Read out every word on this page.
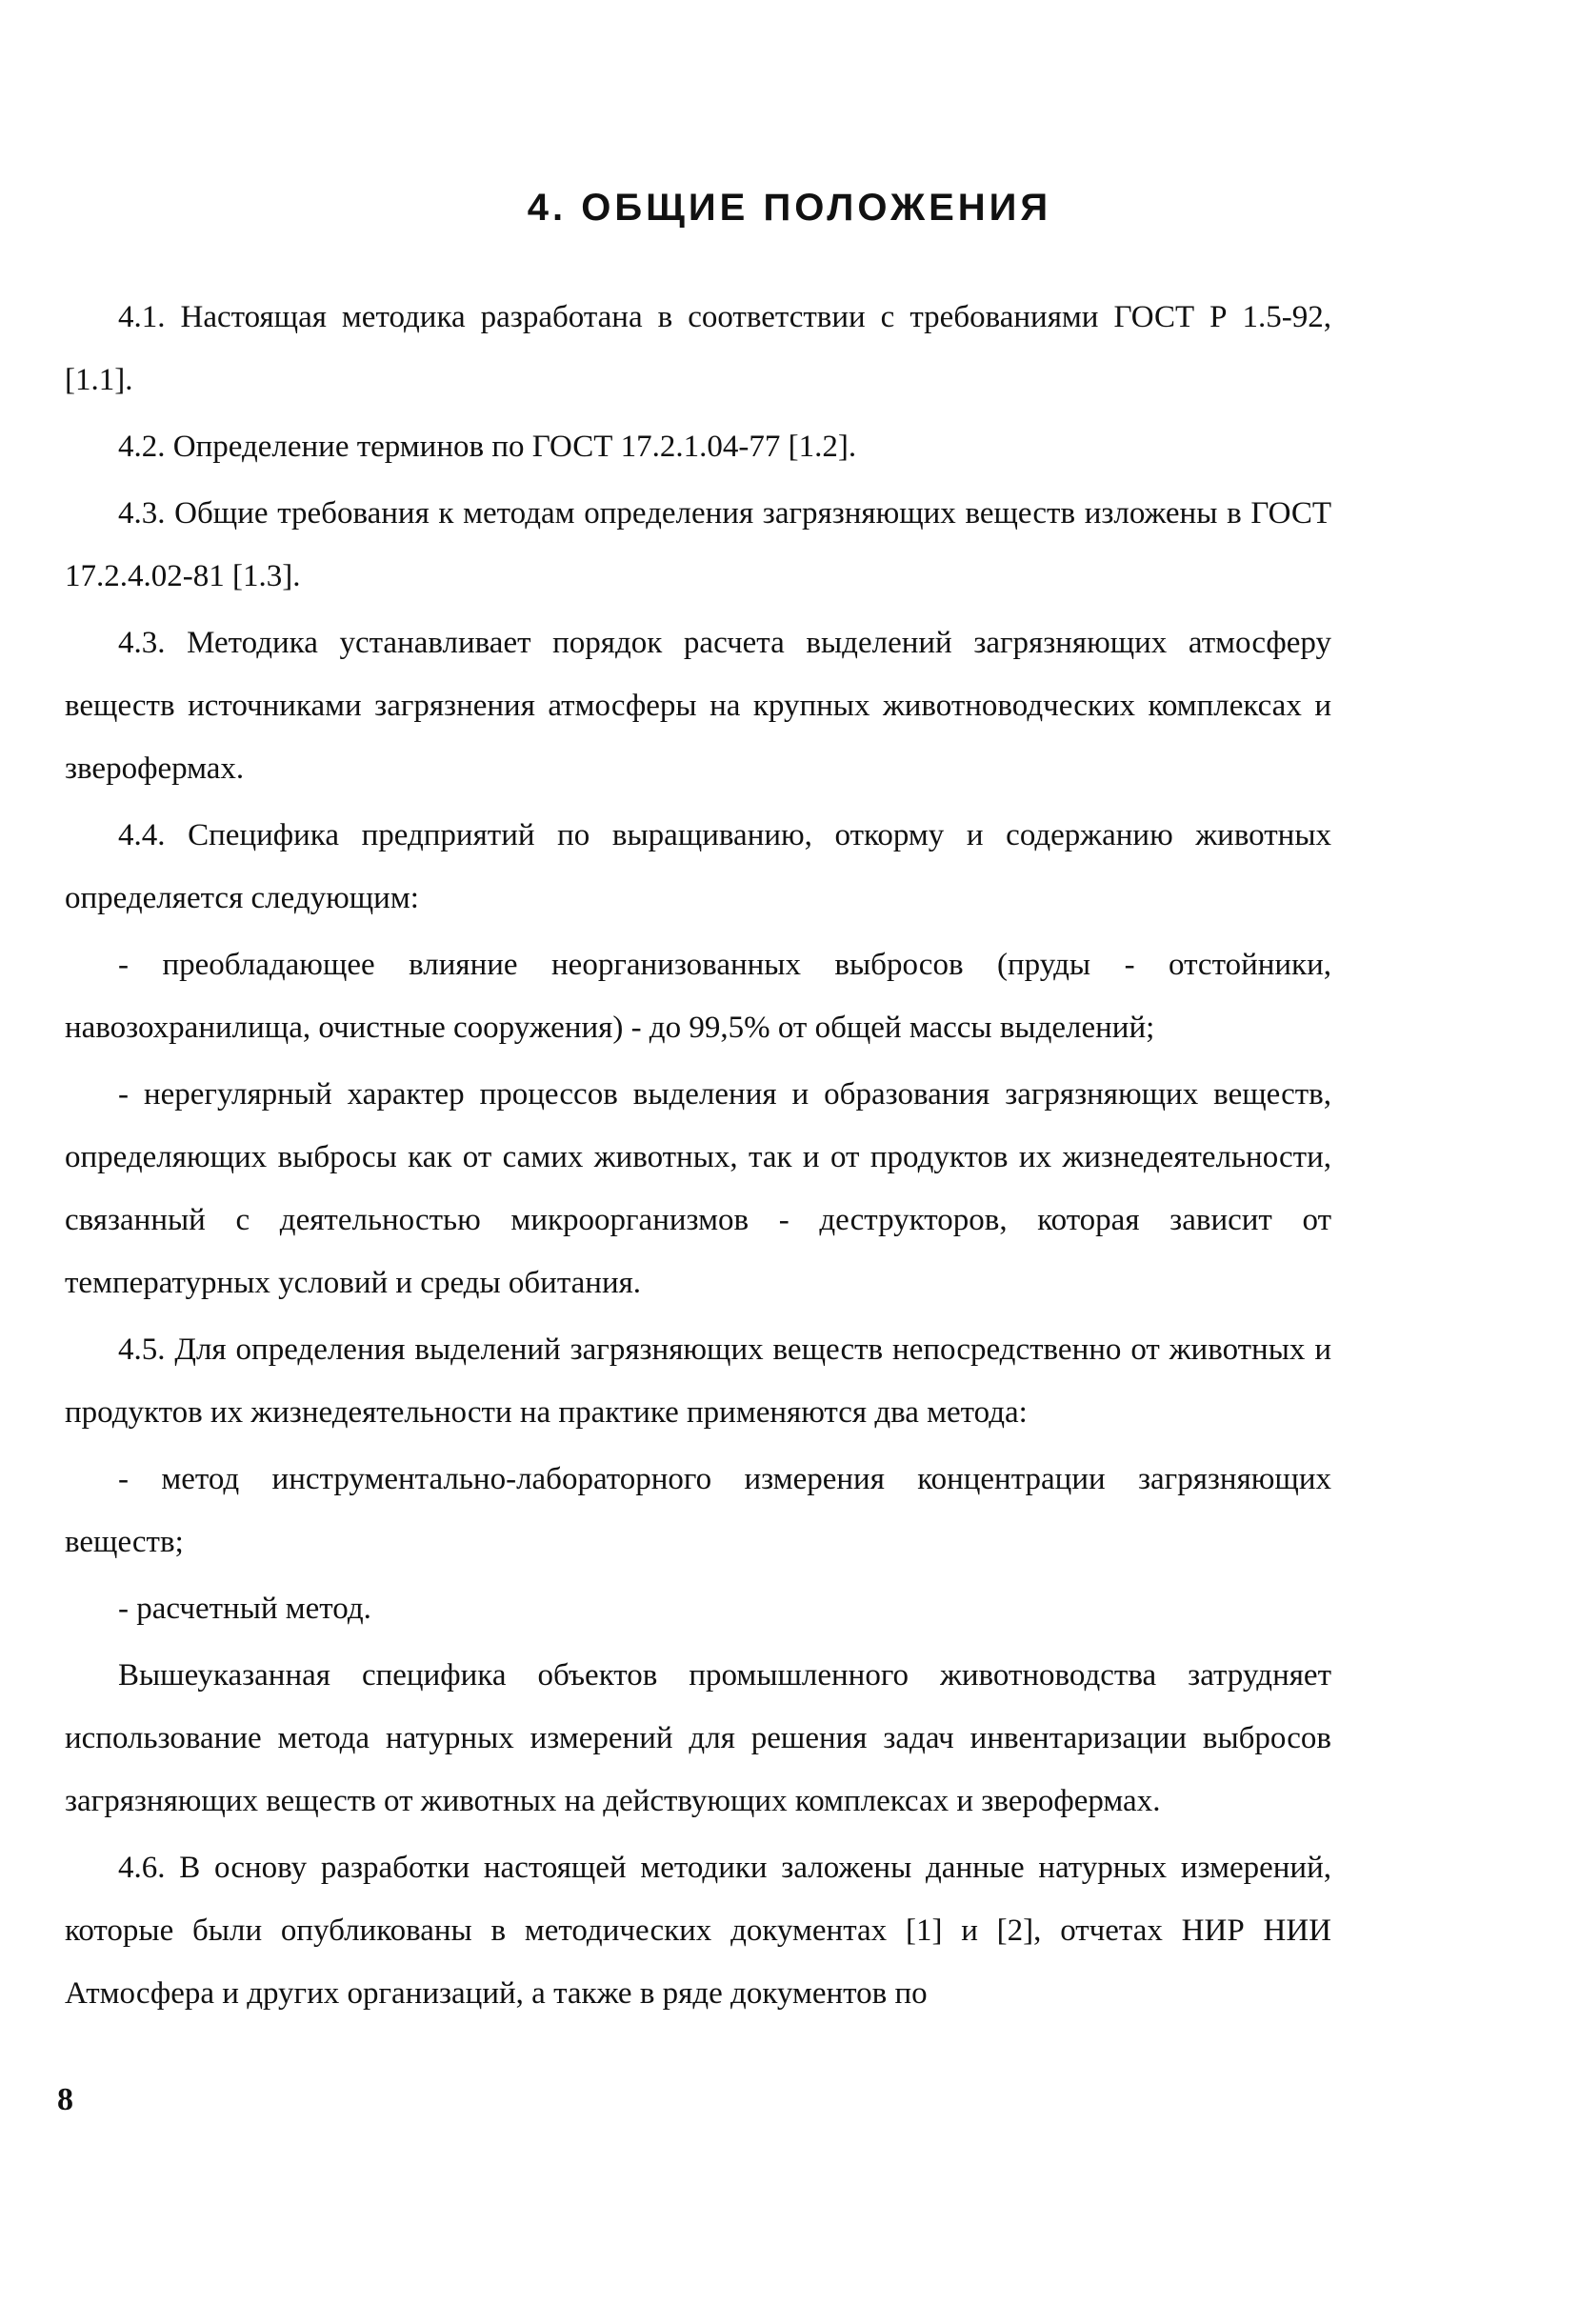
4. ОБЩИЕ ПОЛОЖЕНИЯ

4.1. Настоящая методика разработана в соответствии с требованиями ГОСТ Р 1.5-92, [1.1].

4.2. Определение терминов по ГОСТ 17.2.1.04-77 [1.2].

4.3. Общие требования к методам определения загрязняющих веществ изложены в ГОСТ 17.2.4.02-81 [1.3].

4.3. Методика устанавливает порядок расчета выделений загрязняющих атмосферу веществ источниками загрязнения атмосферы на крупных животноводческих комплексах и зверофермах.

4.4. Специфика предприятий по выращиванию, откорму и содержанию животных определяется следующим:

- преобладающее влияние неорганизованных выбросов (пруды - отстойники, навозохранилища, очистные сооружения) - до 99,5% от общей массы выделений;

- нерегулярный характер процессов выделения и образования загрязняющих веществ, определяющих выбросы как от самих животных, так и от продуктов их жизнедеятельности, связанный с деятельностью микроорганизмов - деструкторов, которая зависит от температурных условий и среды обитания.

4.5. Для определения выделений загрязняющих веществ непосредственно от животных и продуктов их жизнедеятельности на практике применяются два метода:

- метод инструментально-лабораторного измерения концентрации загрязняющих веществ;

- расчетный метод.

Вышеуказанная специфика объектов промышленного животноводства затрудняет использование метода натурных измерений для решения задач инвентаризации выбросов загрязняющих веществ от животных на действующих комплексах и зверофермах.

4.6. В основу разработки настоящей методики заложены данные натурных измерений, которые были опубликованы в методических документах [1] и [2], отчетах НИР НИИ Атмосфера и других организаций, а также в ряде документов по

8
